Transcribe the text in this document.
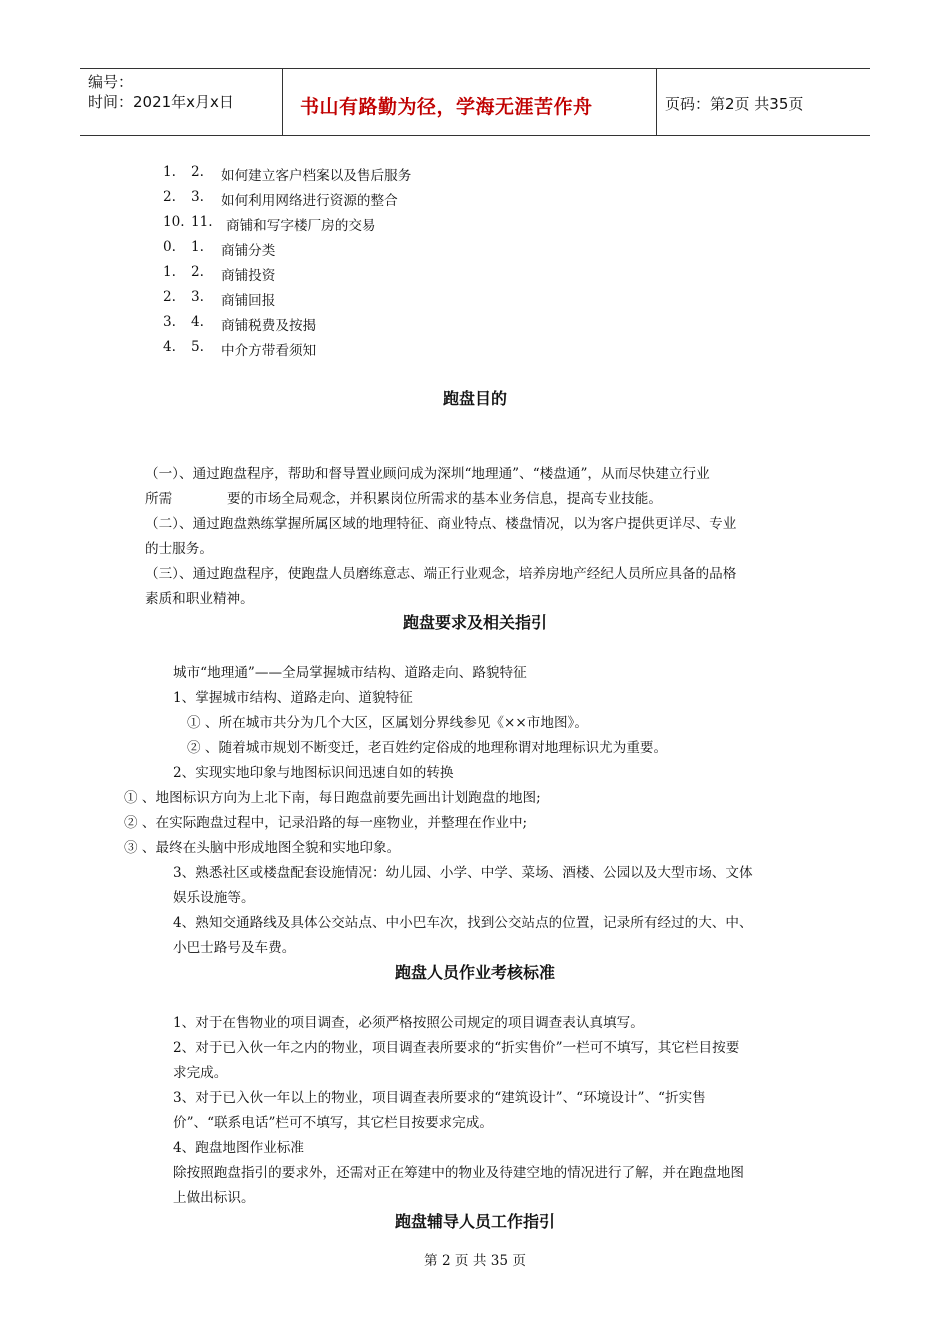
编号：
时间：2021年x月x日	书山有路勤为径，学海无涯苦作舟	页码：第2页 共35页
1. 2. 如何建立客户档案以及售后服务
2. 3. 如何利用网络进行资源的整合
10. 11. 商铺和写字楼厂房的交易
0. 1. 商铺分类
1. 2. 商铺投资
2. 3. 商铺回报
3. 4. 商铺税费及按揭
4. 5. 中介方带看须知
跑盘目的
（一）、通过跑盘程序，帮助和督导置业顾问成为深圳“地理通”、“楼盘通”，从而尽快建立行业
所需	要的市场全局观念，并积累岗位所需求的基本业务信息，提高专业技能。
（二）、通过跑盘熟练掌握所属区域的地理特征、商业特点、楼盘情况，以为客户提供更详尽、专业
的士服务。
（三）、通过跑盘程序，使跑盘人员磨练意志、端正行业观念，培养房地产经纪人员所应具备的品格
素质和职业精神。
跑盘要求及相关指引
城市“地理通”——全局掌握城市结构、道路走向、路貌特征
1、掌握城市结构、道路走向、道貌特征
① 、所在城市共分为几个大区，区属划分界线参见《××市地图》。
② 、随着城市规划不断变迁，老百姓约定俗成的地理称谓对地理标识尤为重要。
2、实现实地印象与地图标识间迅速自如的转换
① 、地图标识方向为上北下南，每日跑盘前要先画出计划跑盘的地图;
② 、在实际跑盘过程中，记录沿路的每一座物业，并整理在作业中;
③ 、最终在头脑中形成地图全貌和实地印象。
3、熟悉社区或楼盘配套设施情况：幼儿园、小学、中学、菜场、酒楼、公园以及大型市场、文体
娱乐设施等。
4、熟知交通路线及具体公交站点、中小巴车次，找到公交站点的位置，记录所有经过的大、中、
小巴士路号及车费。
跑盘人员作业考核标准
1、对于在售物业的项目调查，必须严格按照公司规定的项目调查表认真填写。
2、对于已入伙一年之内的物业，项目调查表所要求的“折实售价”一栏可不填写，其它栏目按要
求完成。
3、对于已入伙一年以上的物业，项目调查表所要求的“建筑设计”、“环境设计”、“折实售
价”、“联系电话”栏可不填写，其它栏目按要求完成。
4、跑盘地图作业标准
除按照跑盘指引的要求外，还需对正在筹建中的物业及待建空地的情况进行了解，并在跑盘地图
上做出标识。
跑盘辅导人员工作指引
第 2 页 共 35 页
